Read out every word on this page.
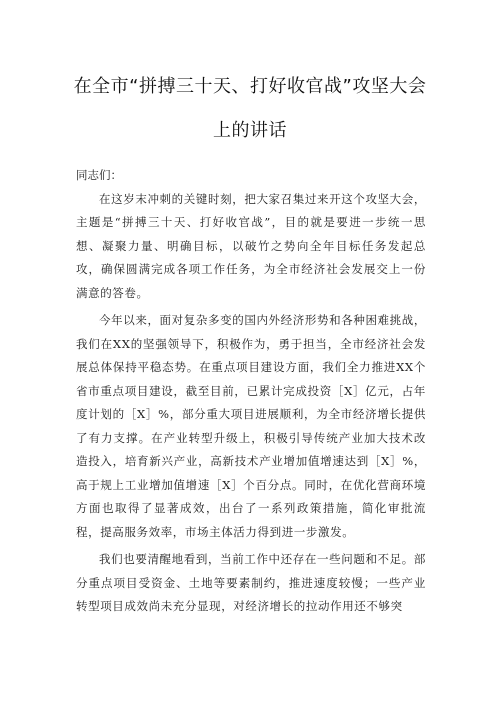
在全市“拼搏三十天、打好收官战”攻坚大会
上的讲话

同志们：

在这岁末冲刺的关键时刻，把大家召集过来开这个攻坚大会，主题是“拼搏三十天、打好收官战”，目的就是要进一步统一思想、凝聚力量、明确目标，以破竹之势向全年目标任务发起总攻，确保圆满完成各项工作任务，为全市经济社会发展交上一份满意的答卷。

今年以来，面对复杂多变的国内外经济形势和各种困难挑战，我们在XX的坚强领导下，积极作为，勇于担当，全市经济社会发展总体保持平稳态势。在重点项目建设方面，我们全力推进XX个省市重点项目建设，截至目前，已累计完成投资［X］亿元，占年度计划的［X］%，部分重大项目进展顺利，为全市经济增长提供了有力支撑。在产业转型升级上，积极引导传统产业加大技术改造投入，培育新兴产业，高新技术产业增加值增速达到［X］%，高于规上工业增加值增速［X］个百分点。同时，在优化营商环境方面也取得了显著成效，出台了一系列政策措施，简化审批流程，提高服务效率，市场主体活力得到进一步激发。

我们也要清醒地看到，当前工作中还存在一些问题和不足。部分重点项目受资金、土地等要素制约，推进速度较慢；一些产业转型项目成效尚未充分显现，对经济增长的拉动作用还不够突
